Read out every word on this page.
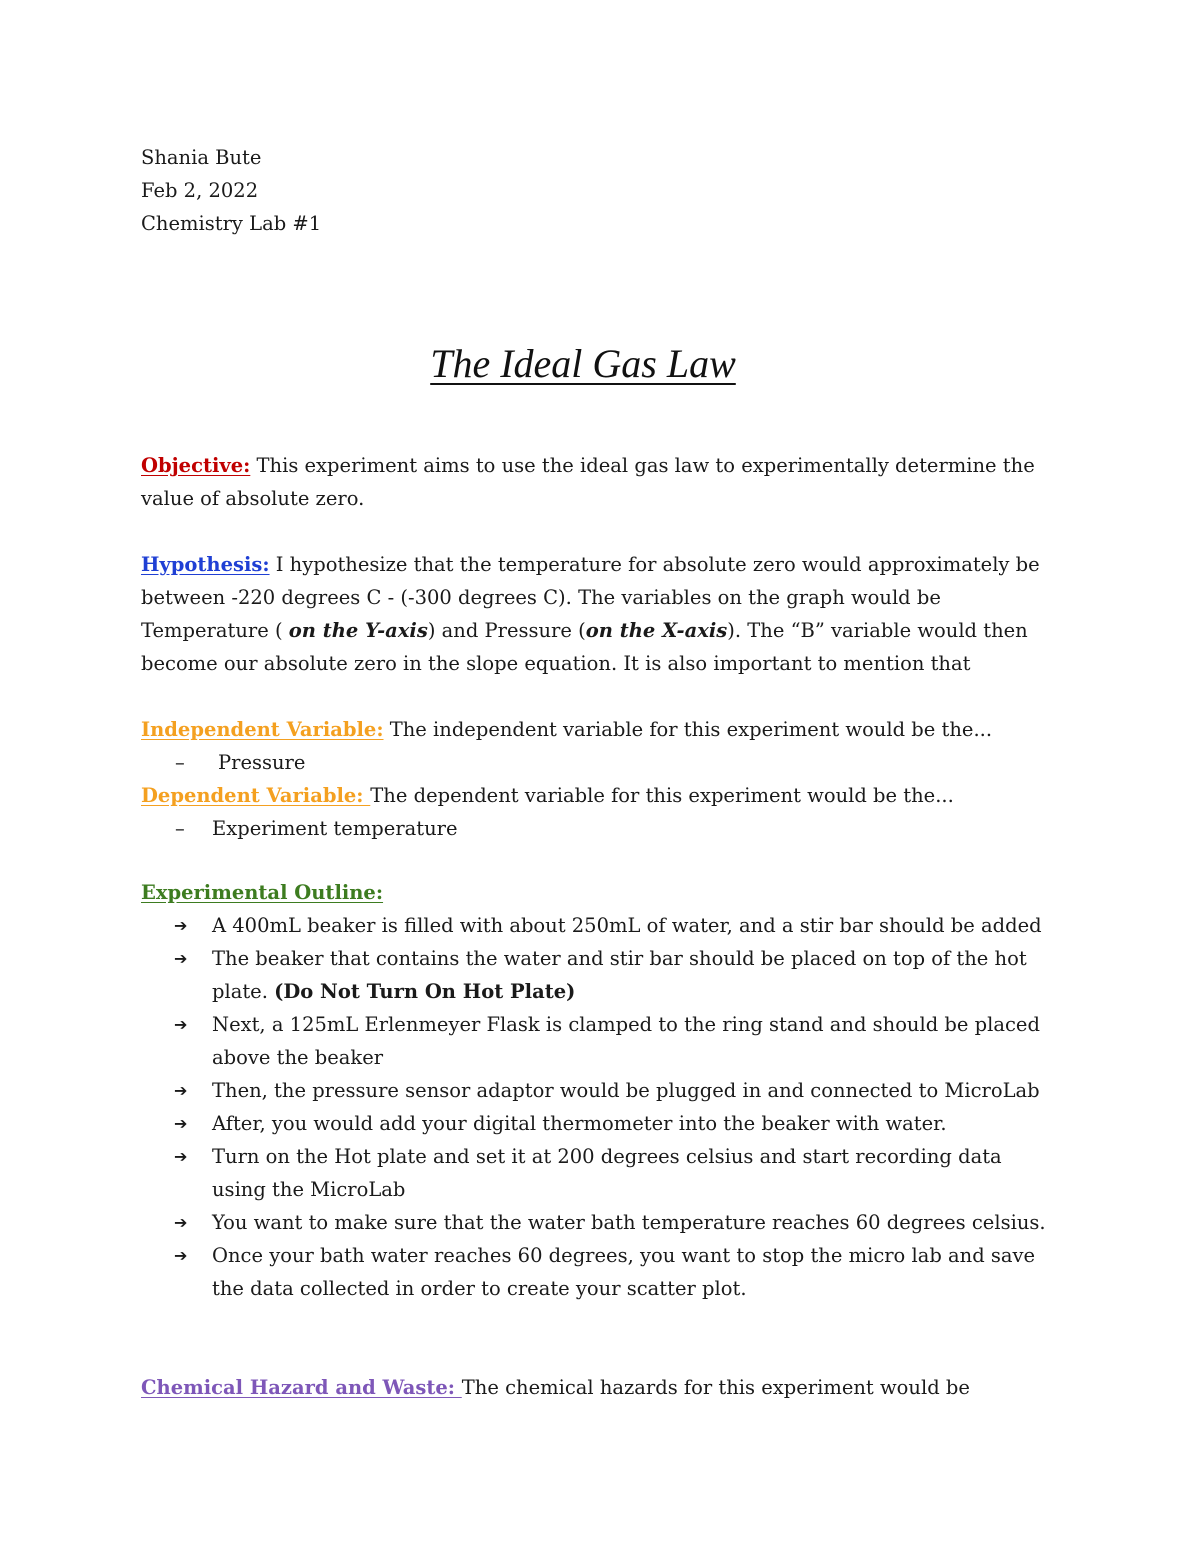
Shania Bute
Feb 2, 2022
Chemistry Lab #1
The Ideal Gas Law
Objective: This experiment aims to use the ideal gas law to experimentally determine the value of absolute zero.
Hypothesis: I hypothesize that the temperature for absolute zero would approximately be between -220 degrees C - (-300 degrees C). The variables on the graph would be Temperature ( on the Y-axis) and Pressure (on the X-axis). The “B” variable would then become our absolute zero in the slope equation. It is also important to mention that
Independent Variable: The independent variable for this experiment would be the...
– Pressure
Dependent Variable: The dependent variable for this experiment would be the...
– Experiment temperature
Experimental Outline:
➔ A 400mL beaker is filled with about 250mL of water, and a stir bar should be added
➔ The beaker that contains the water and stir bar should be placed on top of the hot plate. (Do Not Turn On Hot Plate)
➔ Next, a 125mL Erlenmeyer Flask is clamped to the ring stand and should be placed above the beaker
➔ Then, the pressure sensor adaptor would be plugged in and connected to MicroLab
➔ After, you would add your digital thermometer into the beaker with water.
➔ Turn on the Hot plate and set it at 200 degrees celsius and start recording data using the MicroLab
➔ You want to make sure that the water bath temperature reaches 60 degrees celsius.
➔ Once your bath water reaches 60 degrees, you want to stop the micro lab and save the data collected in order to create your scatter plot.
Chemical Hazard and Waste: The chemical hazards for this experiment would be
